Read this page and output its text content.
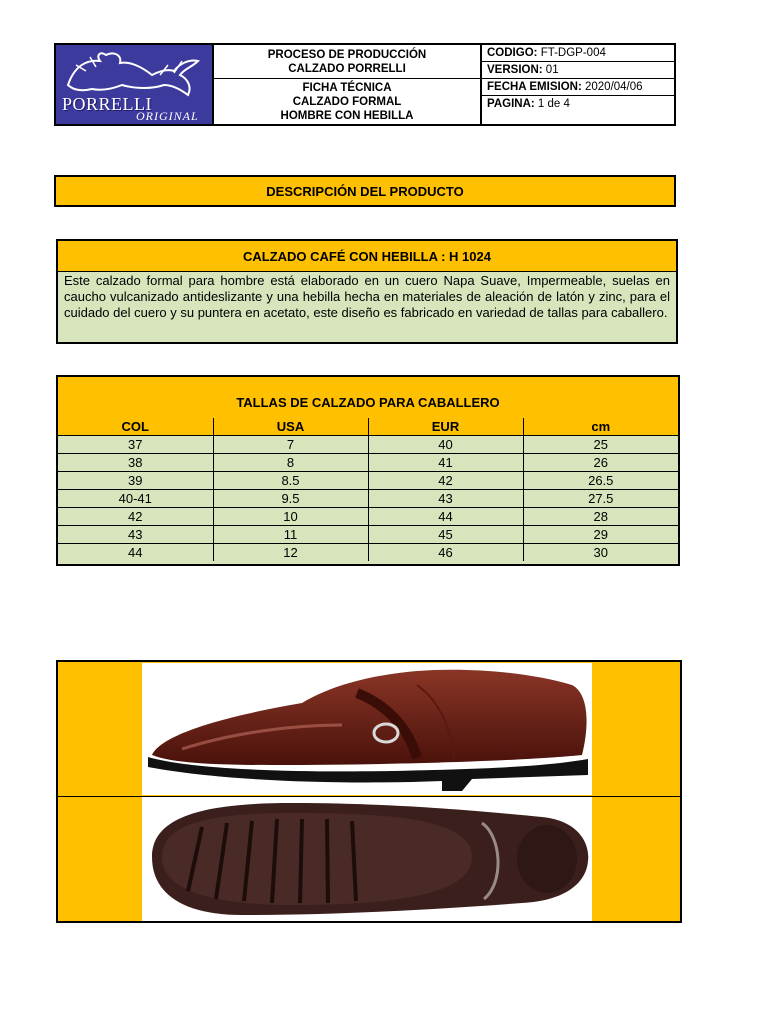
PORRELLI
ORIGINAL
PROCESO DE PRODUCCIÓN
CALZADO PORRELLI
FICHA TÉCNICA
CALZADO FORMAL
HOMBRE CON HEBILLA
CODIGO: FT-DGP-004
VERSION: 01
FECHA EMISION: 2020/04/06
PAGINA: 1 de 4
DESCRIPCIÓN DEL PRODUCTO
CALZADO CAFÉ CON HEBILLA : H 1024
Este calzado formal para hombre está elaborado en un cuero Napa Suave, Impermeable, suelas en caucho vulcanizado antideslizante y una hebilla hecha en materiales de aleación de latón y zinc, para el cuidado del cuero y su puntera en acetato, este diseño es fabricado en variedad de tallas para caballero.
TALLAS DE CALZADO PARA CABALLERO
COL	USA	EUR	cm
37	7	40	25
38	8	41	26
39	8.5	42	26.5
40-41	9.5	43	27.5
42	10	44	28
43	11	45	29
44	12	46	30
